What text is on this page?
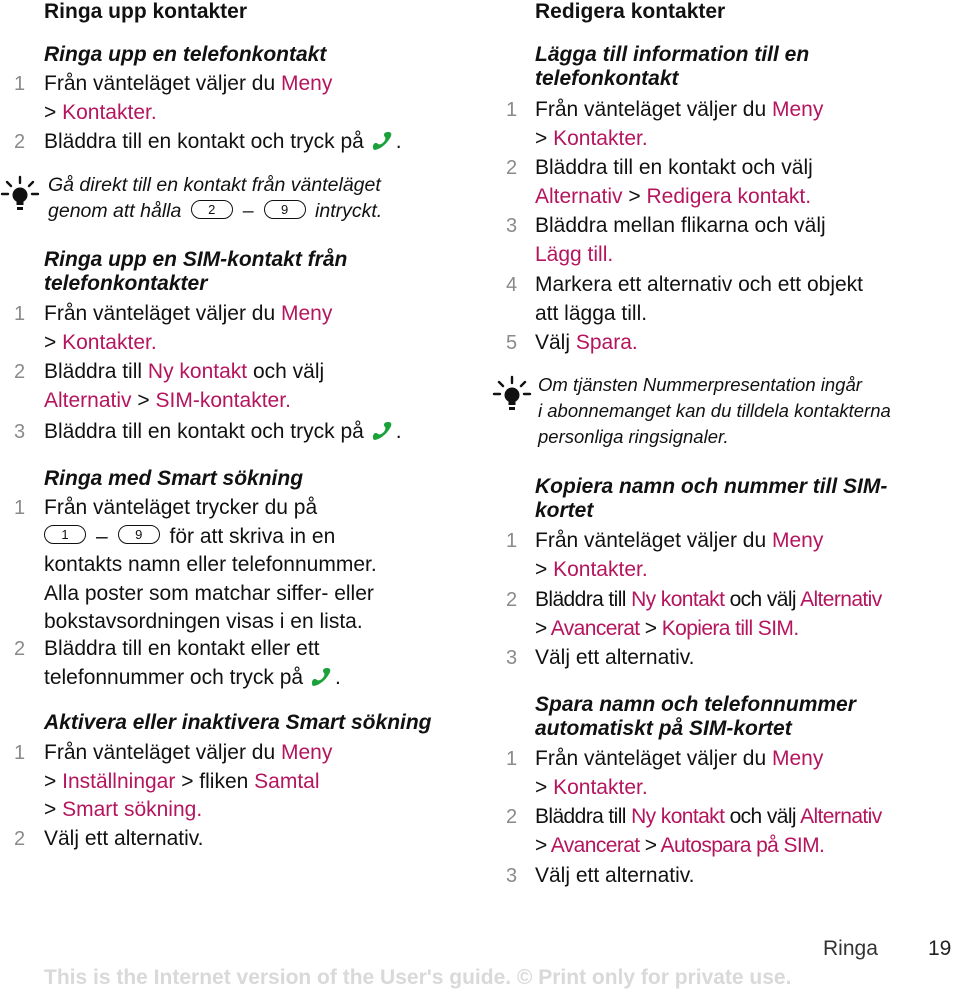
Ringa upp kontakter
Ringa upp en telefonkontakt
1 Från vänteläget väljer du Meny
> Kontakter.
2 Bläddra till en kontakt och tryck på .
Gå direkt till en kontakt från vänteläget
genom att hålla 2 – 9 intryckt.
Ringa upp en SIM-kontakt från telefonkontakter
1 Från vänteläget väljer du Meny
> Kontakter.
2 Bläddra till Ny kontakt och välj
Alternativ > SIM-kontakter.
3 Bläddra till en kontakt och tryck på .
Ringa med Smart sökning
1 Från vänteläget trycker du på
1 – 9 för att skriva in en
kontakts namn eller telefonnummer.
Alla poster som matchar siffer- eller
bokstavsordningen visas i en lista.
2 Bläddra till en kontakt eller ett
telefonnummer och tryck på .
Aktivera eller inaktivera Smart sökning
1 Från vänteläget väljer du Meny
> Inställningar > fliken Samtal
> Smart sökning.
2 Välj ett alternativ.
Redigera kontakter
Lägga till information till en telefonkontakt
1 Från vänteläget väljer du Meny
> Kontakter.
2 Bläddra till en kontakt och välj
Alternativ > Redigera kontakt.
3 Bläddra mellan flikarna och välj
Lägg till.
4 Markera ett alternativ och ett objekt
att lägga till.
5 Välj Spara.
Om tjänsten Nummerpresentation ingår
i abonnemanget kan du tilldela kontakterna
personliga ringsignaler.
Kopiera namn och nummer till SIM-kortet
1 Från vänteläget väljer du Meny
> Kontakter.
2 Bläddra till Ny kontakt och välj Alternativ
> Avancerat > Kopiera till SIM.
3 Välj ett alternativ.
Spara namn och telefonnummer automatiskt på SIM-kortet
1 Från vänteläget väljer du Meny
> Kontakter.
2 Bläddra till Ny kontakt och välj Alternativ
> Avancerat > Autospara på SIM.
3 Välj ett alternativ.
Ringa 19
This is the Internet version of the User's guide. © Print only for private use.
